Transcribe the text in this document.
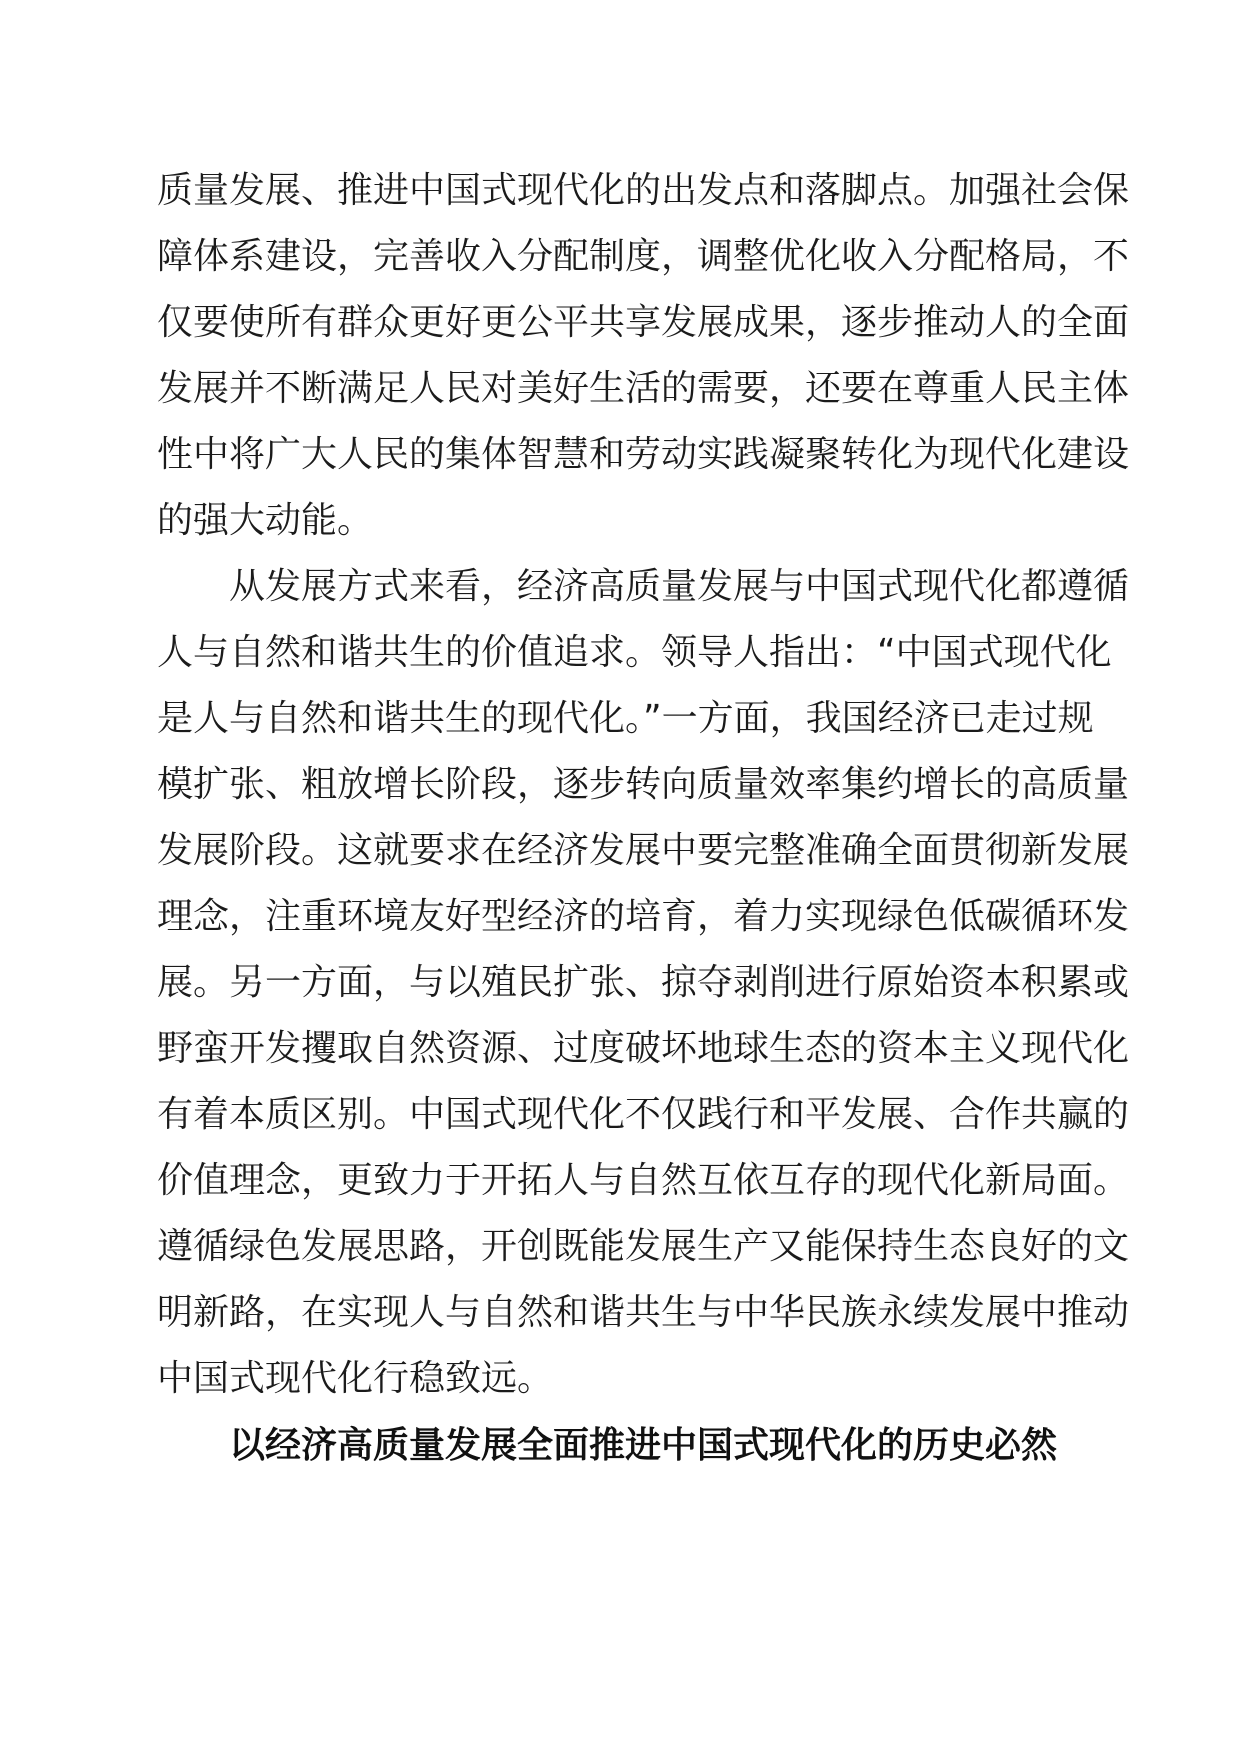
质量发展、推进中国式现代化的出发点和落脚点。加强社会保

障体系建设，完善收入分配制度，调整优化收入分配格局，不

仅要使所有群众更好更公平共享发展成果，逐步推动人的全面

发展并不断满足人民对美好生活的需要，还要在尊重人民主体

性中将广大人民的集体智慧和劳动实践凝聚转化为现代化建设

的强大动能。

从发展方式来看，经济高质量发展与中国式现代化都遵循

人与自然和谐共生的价值追求。领导人指出：“中国式现代化

是人与自然和谐共生的现代化。”一方面，我国经济已走过规

模扩张、粗放增长阶段，逐步转向质量效率集约增长的高质量

发展阶段。这就要求在经济发展中要完整准确全面贯彻新发展

理念，注重环境友好型经济的培育，着力实现绿色低碳循环发

展。另一方面，与以殖民扩张、掠夺剥削进行原始资本积累或

野蛮开发攫取自然资源、过度破坏地球生态的资本主义现代化

有着本质区别。中国式现代化不仅践行和平发展、合作共赢的

价值理念，更致力于开拓人与自然互依互存的现代化新局面。

遵循绿色发展思路，开创既能发展生产又能保持生态良好的文

明新路，在实现人与自然和谐共生与中华民族永续发展中推动

中国式现代化行稳致远。

以经济高质量发展全面推进中国式现代化的历史必然
